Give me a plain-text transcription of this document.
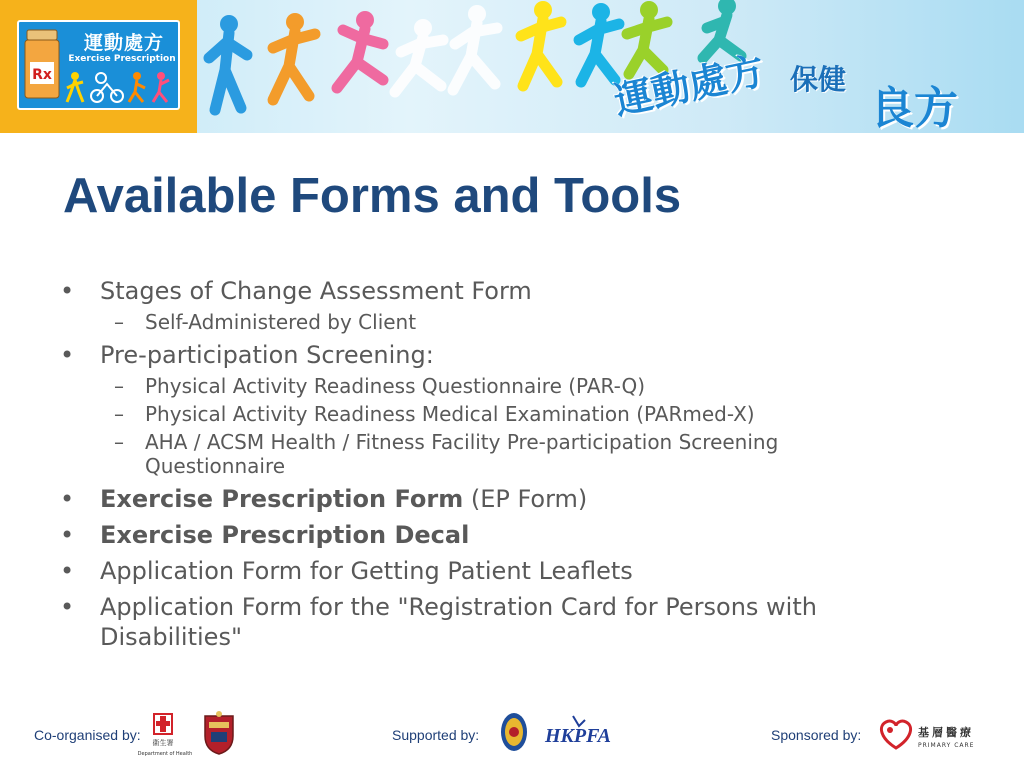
Rx
運動處方
Exercise Prescription	運動處方 保健
良方
Available Forms and Tools
• Stages of Change Assessment Form
– Self-Administered by Client
• Pre-participation Screening:
– Physical Activity Readiness Questionnaire (PAR-Q)
– Physical Activity Readiness Medical Examination (PARmed-X)
– AHA / ACSM Health / Fitness Facility Pre-participation Screening Questionnaire
• Exercise Prescription Form (EP Form)
• Exercise Prescription Decal
• Application Form for Getting Patient Leaflets
• Application Form for the "Registration Card for Persons with Disabilities"
Co-organised by: 衞生署
Department of Health
Supported by:	HKPFA	Sponsored by:	基層醫療
PRIMARY CARE
